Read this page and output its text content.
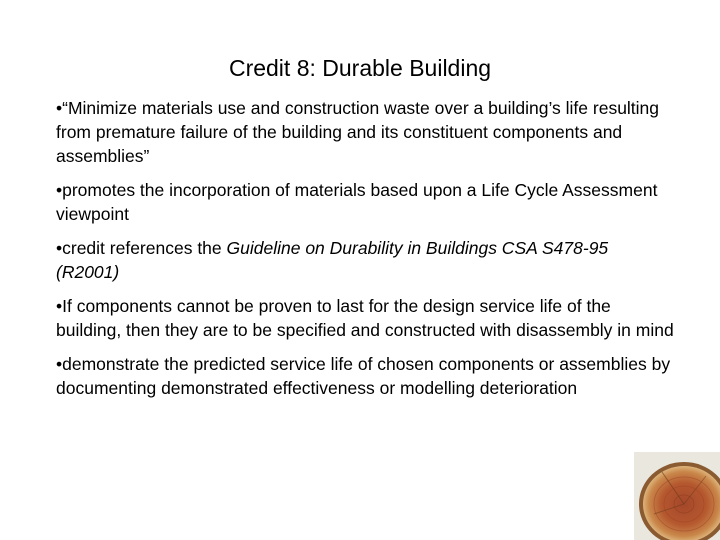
Credit 8: Durable Building

•“Minimize materials use and construction waste over a building’s life resulting from premature failure of the building and its constituent components and assemblies”

•promotes the incorporation of materials based upon a Life Cycle Assessment viewpoint

•credit references the Guideline on Durability in Buildings CSA S478-95 (R2001)

•If components cannot be proven to last for the design service life of the building, then they are to be specified and constructed with disassembly in mind

•demonstrate the predicted service life of chosen components or assemblies by documenting demonstrated effectiveness or modelling deterioration
